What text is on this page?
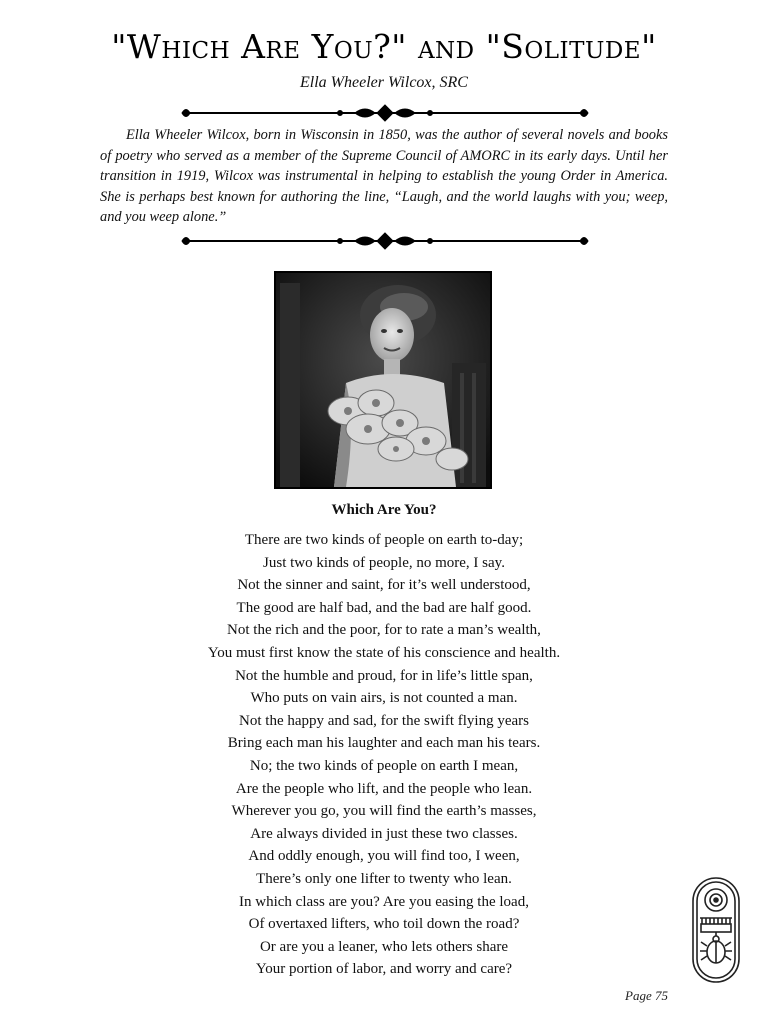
"Which Are You?" and "Solitude"
Ella Wheeler Wilcox, SRC

Ella Wheeler Wilcox, born in Wisconsin in 1850, was the author of several novels and books of poetry who served as a member of the Supreme Council of AMORC in its early days. Until her transition in 1919, Wilcox was instrumental in helping to establish the young Order in America. She is perhaps best known for authoring the line, “Laugh, and the world laughs with you; weep, and you weep alone.”

Which Are You?
There are two kinds of people on earth to-day;
Just two kinds of people, no more, I say.
Not the sinner and saint, for it’s well understood,
The good are half bad, and the bad are half good.
Not the rich and the poor, for to rate a man’s wealth,
You must first know the state of his conscience and health.
Not the humble and proud, for in life’s little span,
Who puts on vain airs, is not counted a man.
Not the happy and sad, for the swift flying years
Bring each man his laughter and each man his tears.
No; the two kinds of people on earth I mean,
Are the people who lift, and the people who lean.
Wherever you go, you will find the earth’s masses,
Are always divided in just these two classes.
And oddly enough, you will find too, I ween,
There’s only one lifter to twenty who lean.
In which class are you? Are you easing the load,
Of overtaxed lifters, who toil down the road?
Or are you a leaner, who lets others share
Your portion of labor, and worry and care?
Page 75
